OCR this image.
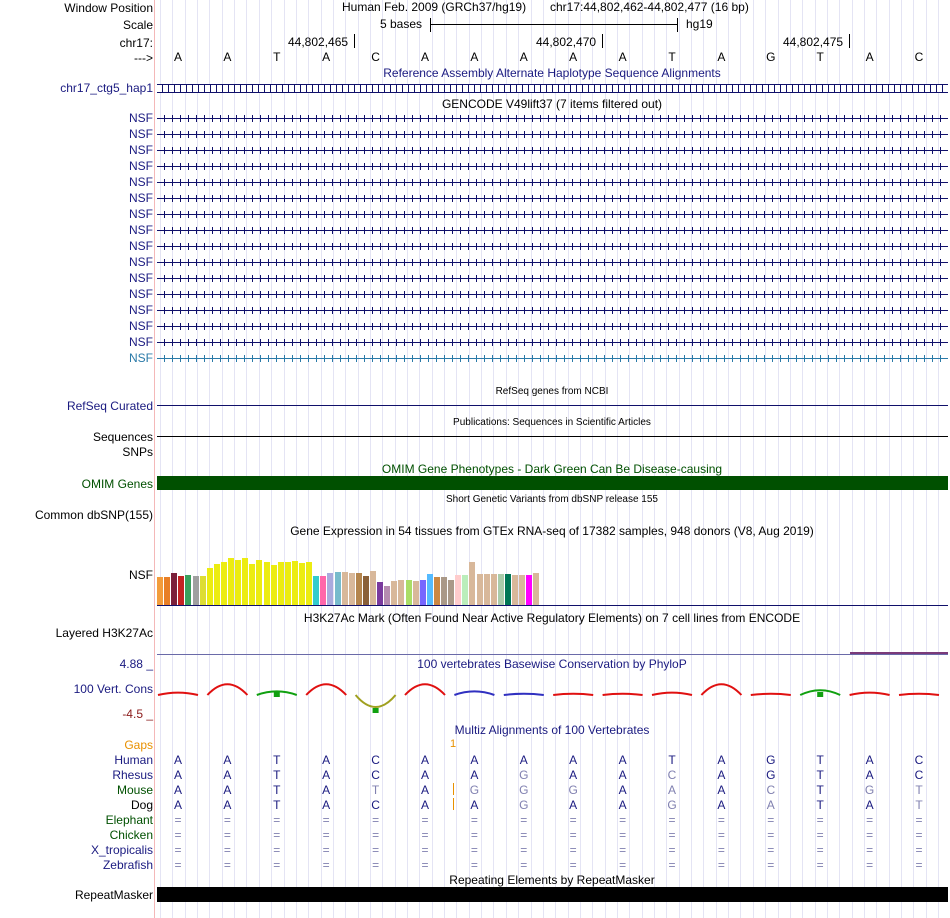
Window Position
Scale
chr17:
--->
Human Feb. 2009 (GRCh37/hg19) chr17:44,802,462-44,802,477 (16 bp)
5 bases	hg19
44,802,465	44,802,470	44,802,475
A	A	T	A	C	A	A	A	A	A	T	A	G	T	A	C
Reference Assembly Alternate Haplotype Sequence Alignments
chr17_ctg5_hap1
GENCODE V49lift37 (7 items filtered out)
NSF
NSF
NSF
NSF
NSF
NSF
NSF
NSF
NSF
NSF
NSF
NSF
NSF
NSF
NSF
NSF
RefSeq genes from NCBI
RefSeq Curated
Publications: Sequences in Scientific Articles
Sequences
SNPs
OMIM Gene Phenotypes - Dark Green Can Be Disease-causing
OMIM Genes
Short Genetic Variants from dbSNP release 155
Common dbSNP(155)
Gene Expression in 54 tissues from GTEx RNA-seq of 17382 samples, 948 donors (V8, Aug 2019)
NSF
H3K27Ac Mark (Often Found Near Active Regulatory Elements) on 7 cell lines from ENCODE
Layered H3K27Ac
100 vertebrates Basewise Conservation by PhyloP
4.88 _
100 Vert. Cons
-4.5 _
Multiz Alignments of 100 Vertebrates
Gaps	1
Human A	A	T	A	C	A	A	A	A	A	T	A	G	T	A	C
Rhesus A	A	T	A	C	A	A	G	A	A	C	A	G	T	A	C
Mouse A	A	T	A	T	A	G	G	G	A	A	A	C	T	G	T
Dog A	A	T	A	C	A	A	G	A	A	G	A	A	T	A	T
Elephant =	=	=	=	=	=	=	=	=	=	=	=	=	=	=	=
Chicken =	=	=	=	=	=	=	=	=	=	=	=	=	=	=	=
X_tropicalis =	=	=	=	=	=	=	=	=	=	=	=	=	=	=	=
Zebrafish =	=	=	=	=	=	=	=	=	=	=	=	=	=	=	=
Repeating Elements by RepeatMasker
RepeatMasker
